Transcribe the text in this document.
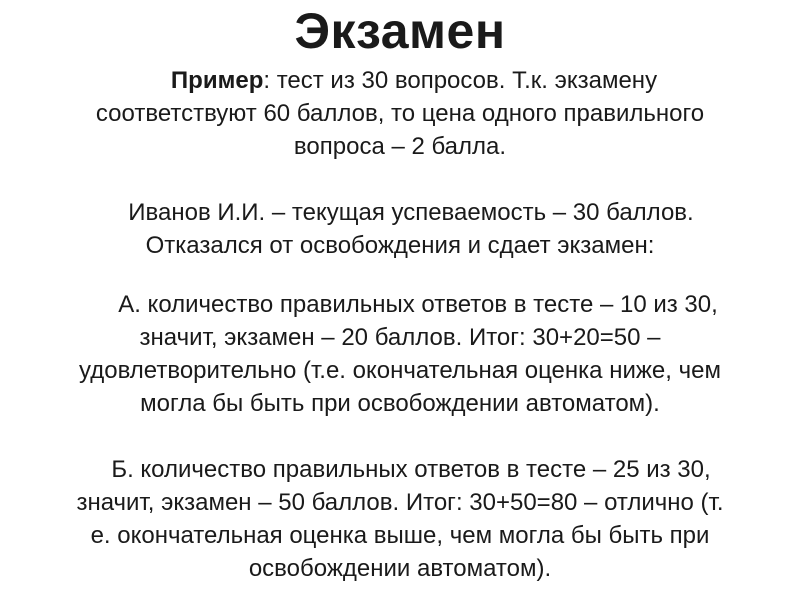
Экзамен
Пример: тест из 30 вопросов. Т.к. экзамену
соответствуют 60 баллов, то цена одного правильного
вопроса – 2 балла.
Иванов И.И. – текущая успеваемость – 30 баллов.
Отказался от освобождения и сдает экзамен:
А. количество правильных ответов в тесте – 10 из 30,
значит, экзамен – 20 баллов. Итог: 30+20=50 –
удовлетворительно (т.е. окончательная оценка ниже, чем
могла бы быть при освобождении автоматом).
Б. количество правильных ответов в тесте – 25 из 30,
значит, экзамен – 50 баллов. Итог: 30+50=80 – отлично (т.
е. окончательная оценка выше, чем могла бы быть при
освобождении автоматом).
